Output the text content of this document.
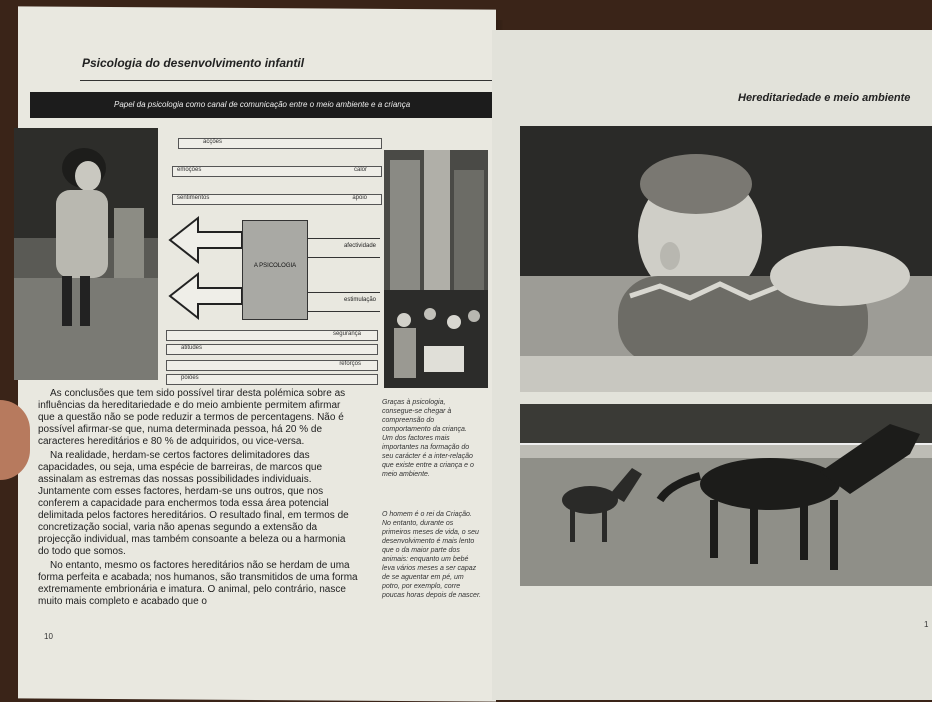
Psicologia do desenvolvimento infantil
Papel da psicologia como canal de comunicação entre o meio ambiente e a criança
acções
emoções	calor
sentimentos	apoio
A PSICOLOGIA
afectividade
estimulação
segurança
atitudes
reforços
poiões

As conclusões que tem sido possível tirar desta polémica sobre as influências da hereditariedade e do meio ambiente permitem afirmar que a questão não se pode reduzir a termos de percentagens. Não é possível afirmar-se que, numa determinada pessoa, há 20 % de caracteres hereditários e 80 % de adquiridos, ou vice-versa.

Na realidade, herdam-se certos factores delimitadores das capacidades, ou seja, uma espécie de barreiras, de marcos que assinalam as estremas das nossas possibilidades individuais. Juntamente com esses factores, herdam-se uns outros, que nos conferem a capacidade para enchermos toda essa área potencial delimitada pelos factores hereditários. O resultado final, em termos de concretização social, varia não apenas segundo a extensão da projecção individual, mas também consoante a beleza ou a harmonia do todo que somos.

No entanto, mesmo os factores hereditários não se herdam de uma forma perfeita e acabada; nos humanos, são transmitidos de uma forma extremamente embrionária e imatura. O animal, pelo contrário, nasce muito mais completo e acabado que o

Graças à psicologia, consegue-se chegar à compreensão do comportamento da criança. Um dos factores mais importantes na formação do seu carácter é a inter-relação que existe entre a criança e o meio ambiente.
10
Hereditariedade e meio ambiente
O homem é o rei da Criação. No entanto, durante os primeiros meses de vida, o seu desenvolvimento é mais lento que o da maior parte dos animais: enquanto um bebé leva vários meses a ser capaz de se aguentar em pé, um potro, por exemplo, corre poucas horas depois de nascer.
1
